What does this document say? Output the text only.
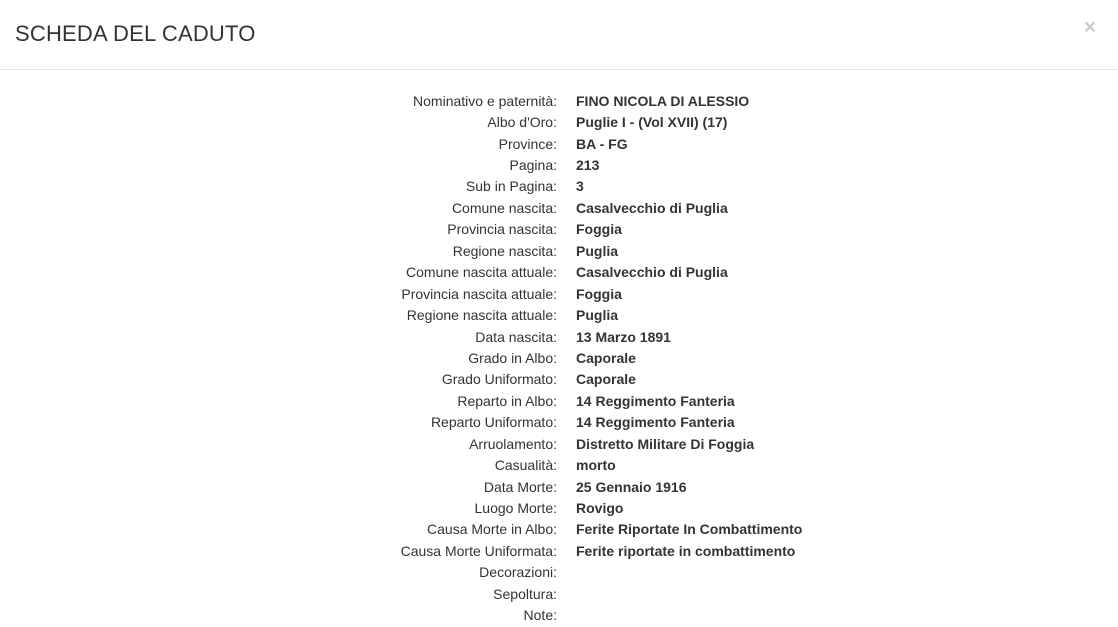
SCHEDA DEL CADUTO	×
Nominativo e paternità: FINO NICOLA DI ALESSIO
Albo d'Oro: Puglie I - (Vol XVII) (17)
Province: BA - FG
Pagina: 213
Sub in Pagina: 3
Comune nascita: Casalvecchio di Puglia
Provincia nascita: Foggia
Regione nascita: Puglia
Comune nascita attuale: Casalvecchio di Puglia
Provincia nascita attuale: Foggia
Regione nascita attuale: Puglia
Data nascita: 13 Marzo 1891
Grado in Albo: Caporale
Grado Uniformato: Caporale
Reparto in Albo: 14 Reggimento Fanteria
Reparto Uniformato: 14 Reggimento Fanteria
Arruolamento: Distretto Militare Di Foggia
Casualità: morto
Data Morte: 25 Gennaio 1916
Luogo Morte: Rovigo
Causa Morte in Albo: Ferite Riportate In Combattimento
Causa Morte Uniformata: Ferite riportate in combattimento
Decorazioni:
Sepoltura:
Note:
